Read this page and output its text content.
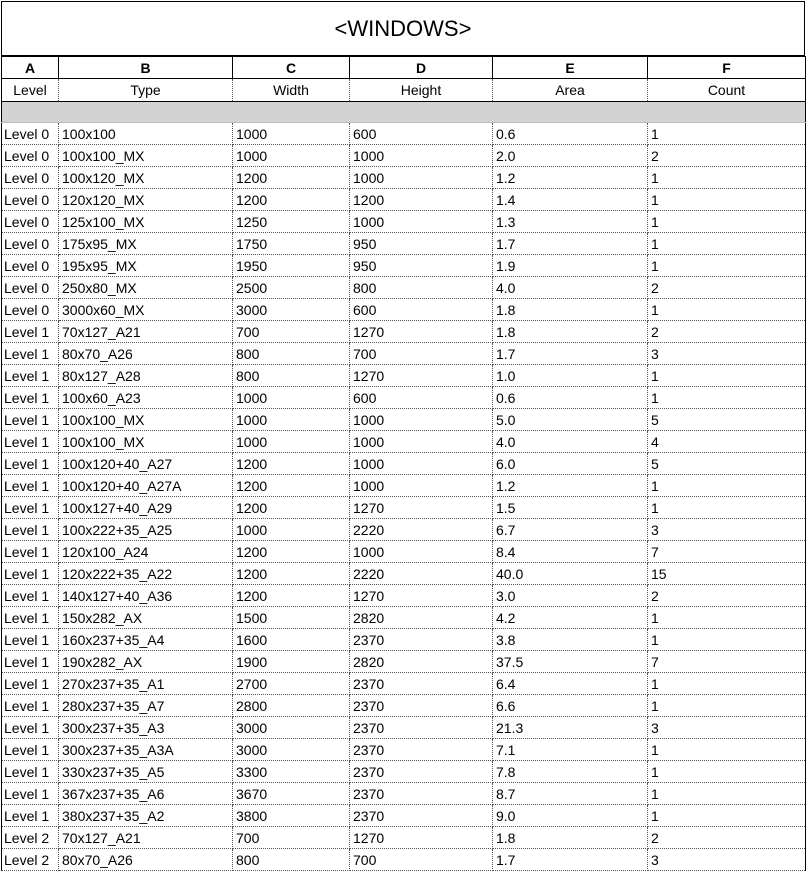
<WINDOWS>
A	B	C	D	E	F
Level	Type	Width	Height	Area	Count

Level 0	100x100	1000	600	0.6	1
Level 0	100x100_MX	1000	1000	2.0	2
Level 0	100x120_MX	1200	1000	1.2	1
Level 0	120x120_MX	1200	1200	1.4	1
Level 0	125x100_MX	1250	1000	1.3	1
Level 0	175x95_MX	1750	950	1.7	1
Level 0	195x95_MX	1950	950	1.9	1
Level 0	250x80_MX	2500	800	4.0	2
Level 0	3000x60_MX	3000	600	1.8	1
Level 1	70x127_A21	700	1270	1.8	2
Level 1	80x70_A26	800	700	1.7	3
Level 1	80x127_A28	800	1270	1.0	1
Level 1	100x60_A23	1000	600	0.6	1
Level 1	100x100_MX	1000	1000	5.0	5
Level 1	100x100_MX	1000	1000	4.0	4
Level 1	100x120+40_A27	1200	1000	6.0	5
Level 1	100x120+40_A27A	1200	1000	1.2	1
Level 1	100x127+40_A29	1200	1270	1.5	1
Level 1	100x222+35_A25	1000	2220	6.7	3
Level 1	120x100_A24	1200	1000	8.4	7
Level 1	120x222+35_A22	1200	2220	40.0	15
Level 1	140x127+40_A36	1200	1270	3.0	2
Level 1	150x282_AX	1500	2820	4.2	1
Level 1	160x237+35_A4	1600	2370	3.8	1
Level 1	190x282_AX	1900	2820	37.5	7
Level 1	270x237+35_A1	2700	2370	6.4	1
Level 1	280x237+35_A7	2800	2370	6.6	1
Level 1	300x237+35_A3	3000	2370	21.3	3
Level 1	300x237+35_A3A	3000	2370	7.1	1
Level 1	330x237+35_A5	3300	2370	7.8	1
Level 1	367x237+35_A6	3670	2370	8.7	1
Level 1	380x237+35_A2	3800	2370	9.0	1
Level 2	70x127_A21	700	1270	1.8	2
Level 2	80x70_A26	800	700	1.7	3
